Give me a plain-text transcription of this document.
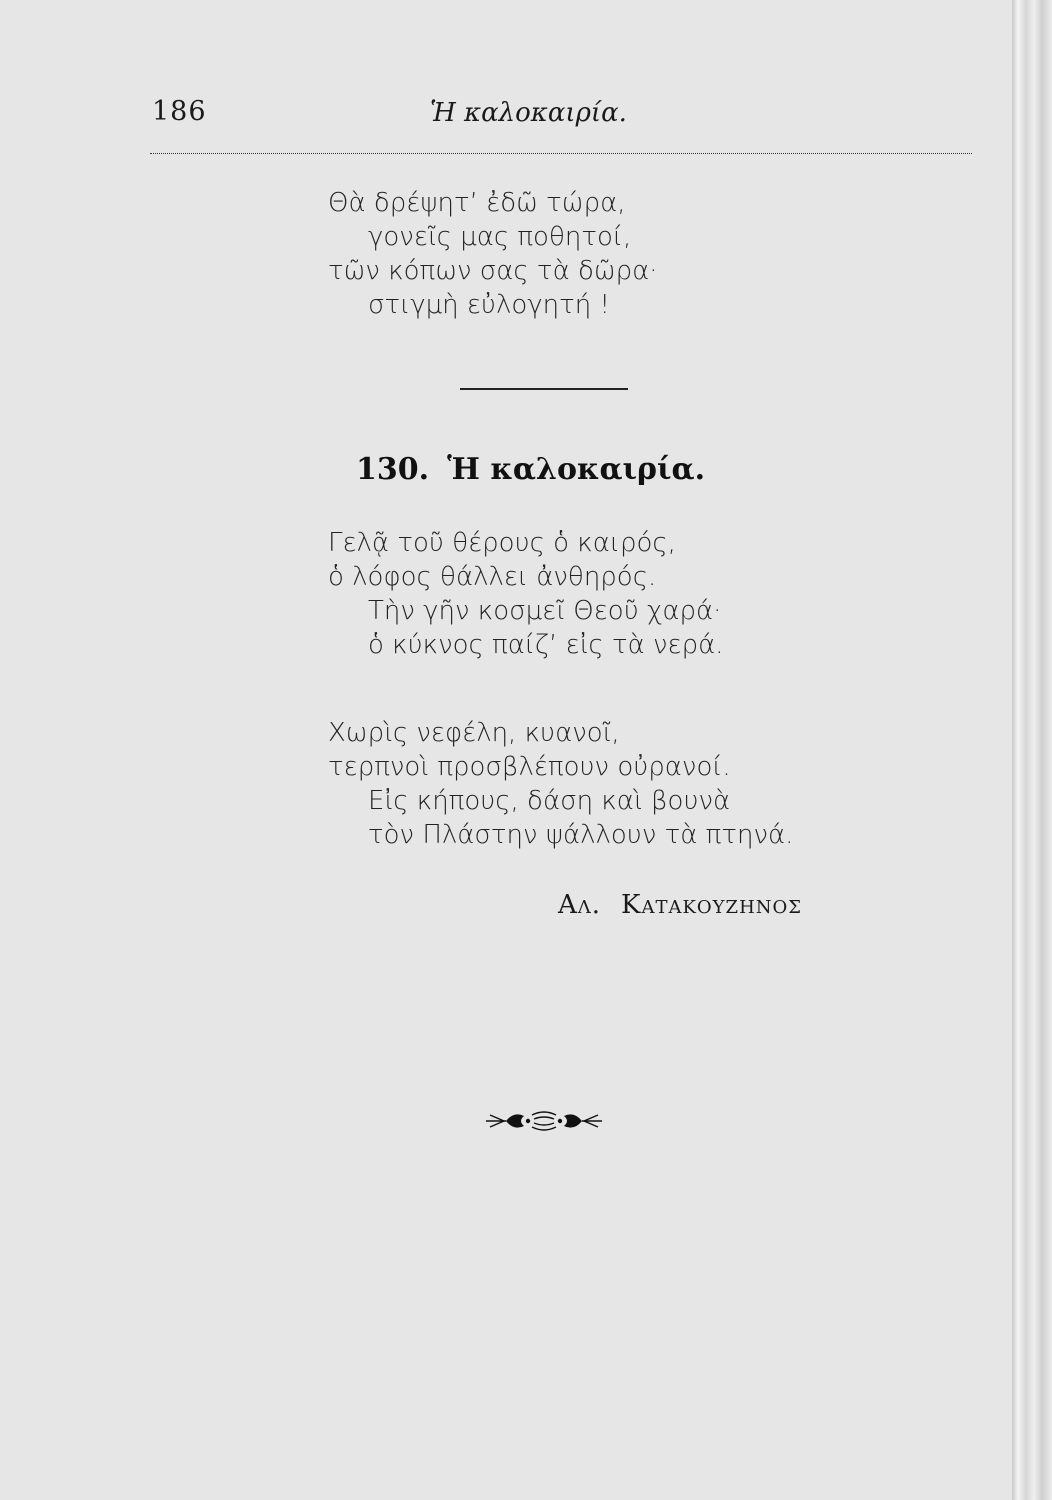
186	Ἡ καλοκαιρία.
Θὰ δρέψητ’ ἐδῶ τώρα,
γονεῖς μας ποθητοί,
τῶν κόπων σας τὰ δῶρα·
στιγμὴ εὐλογητή !
130. Ἡ καλοκαιρία.
Γελᾷ τοῦ θέρους ὁ καιρός,
ὁ λόφος θάλλει ἀνθηρός.
Τὴν γῆν κοσμεῖ Θεοῦ χαρά·
ὁ κύκνος παίζ’ εἰς τὰ νερά.
Χωρὶς νεφέλη, κυανοῖ,
τερπνοὶ προσβλέπουν οὐρανοί.
Εἰς κήπους, δάση καὶ βουνὰ
τὸν Πλάστην ψάλλουν τὰ πτηνά.
Αλ. Κατακουζηνος
